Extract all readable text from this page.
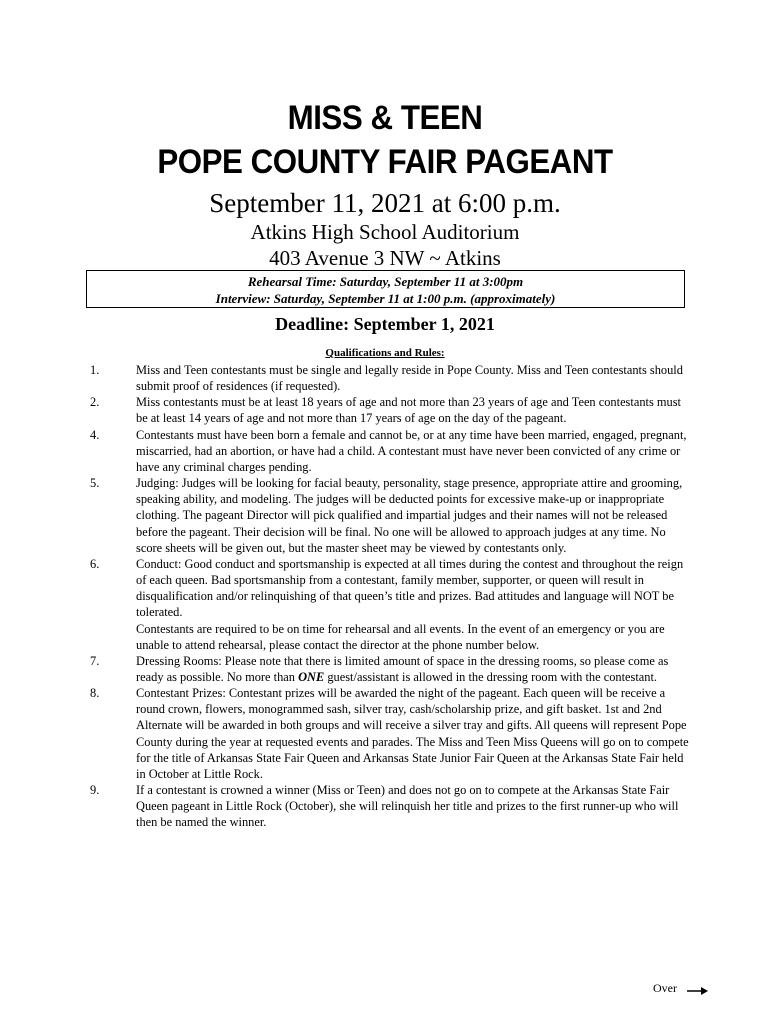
MISS & TEEN
POPE COUNTY FAIR PAGEANT
September 11, 2021 at 6:00 p.m.
Atkins High School Auditorium
403 Avenue 3 NW ~ Atkins
Rehearsal Time: Saturday, September 11 at 3:00pm
Interview: Saturday, September 11 at 1:00 p.m. (approximately)
Deadline: September 1, 2021
Qualifications and Rules:
1.	Miss and Teen contestants must be single and legally reside in Pope County. Miss and Teen contestants should submit proof of residences (if requested).
2.	Miss contestants must be at least 18 years of age and not more than 23 years of age and Teen contestants must be at least 14 years of age and not more than 17 years of age on the day of the pageant.
4.	Contestants must have been born a female and cannot be, or at any time have been married, engaged, pregnant, miscarried, had an abortion, or have had a child. A contestant must have never been convicted of any crime or have any criminal charges pending.
5.	Judging: Judges will be looking for facial beauty, personality, stage presence, appropriate attire and grooming, speaking ability, and modeling. The judges will be deducted points for excessive make-up or inappropriate clothing. The pageant Director will pick qualified and impartial judges and their names will not be released before the pageant. Their decision will be final. No one will be allowed to approach judges at any time. No score sheets will be given out, but the master sheet may be viewed by contestants only.
6.	Conduct: Good conduct and sportsmanship is expected at all times during the contest and throughout the reign of each queen. Bad sportsmanship from a contestant, family member, supporter, or queen will result in disqualification and/or relinquishing of that queen’s title and prizes. Bad attitudes and language will NOT be tolerated.
Contestants are required to be on time for rehearsal and all events. In the event of an emergency or you are unable to attend rehearsal, please contact the director at the phone number below.
7.	Dressing Rooms: Please note that there is limited amount of space in the dressing rooms, so please come as ready as possible. No more than ONE guest/assistant is allowed in the dressing room with the contestant.
8.	Contestant Prizes: Contestant prizes will be awarded the night of the pageant. Each queen will be receive a round crown, flowers, monogrammed sash, silver tray, cash/scholarship prize, and gift basket. 1st and 2nd Alternate will be awarded in both groups and will receive a silver tray and gifts. All queens will represent Pope County during the year at requested events and parades. The Miss and Teen Miss Queens will go on to compete for the title of Arkansas State Fair Queen and Arkansas State Junior Fair Queen at the Arkansas State Fair held in October at Little Rock.
9.	If a contestant is crowned a winner (Miss or Teen) and does not go on to compete at the Arkansas State Fair Queen pageant in Little Rock (October), she will relinquish her title and prizes to the first runner-up who will then be named the winner.
Over
